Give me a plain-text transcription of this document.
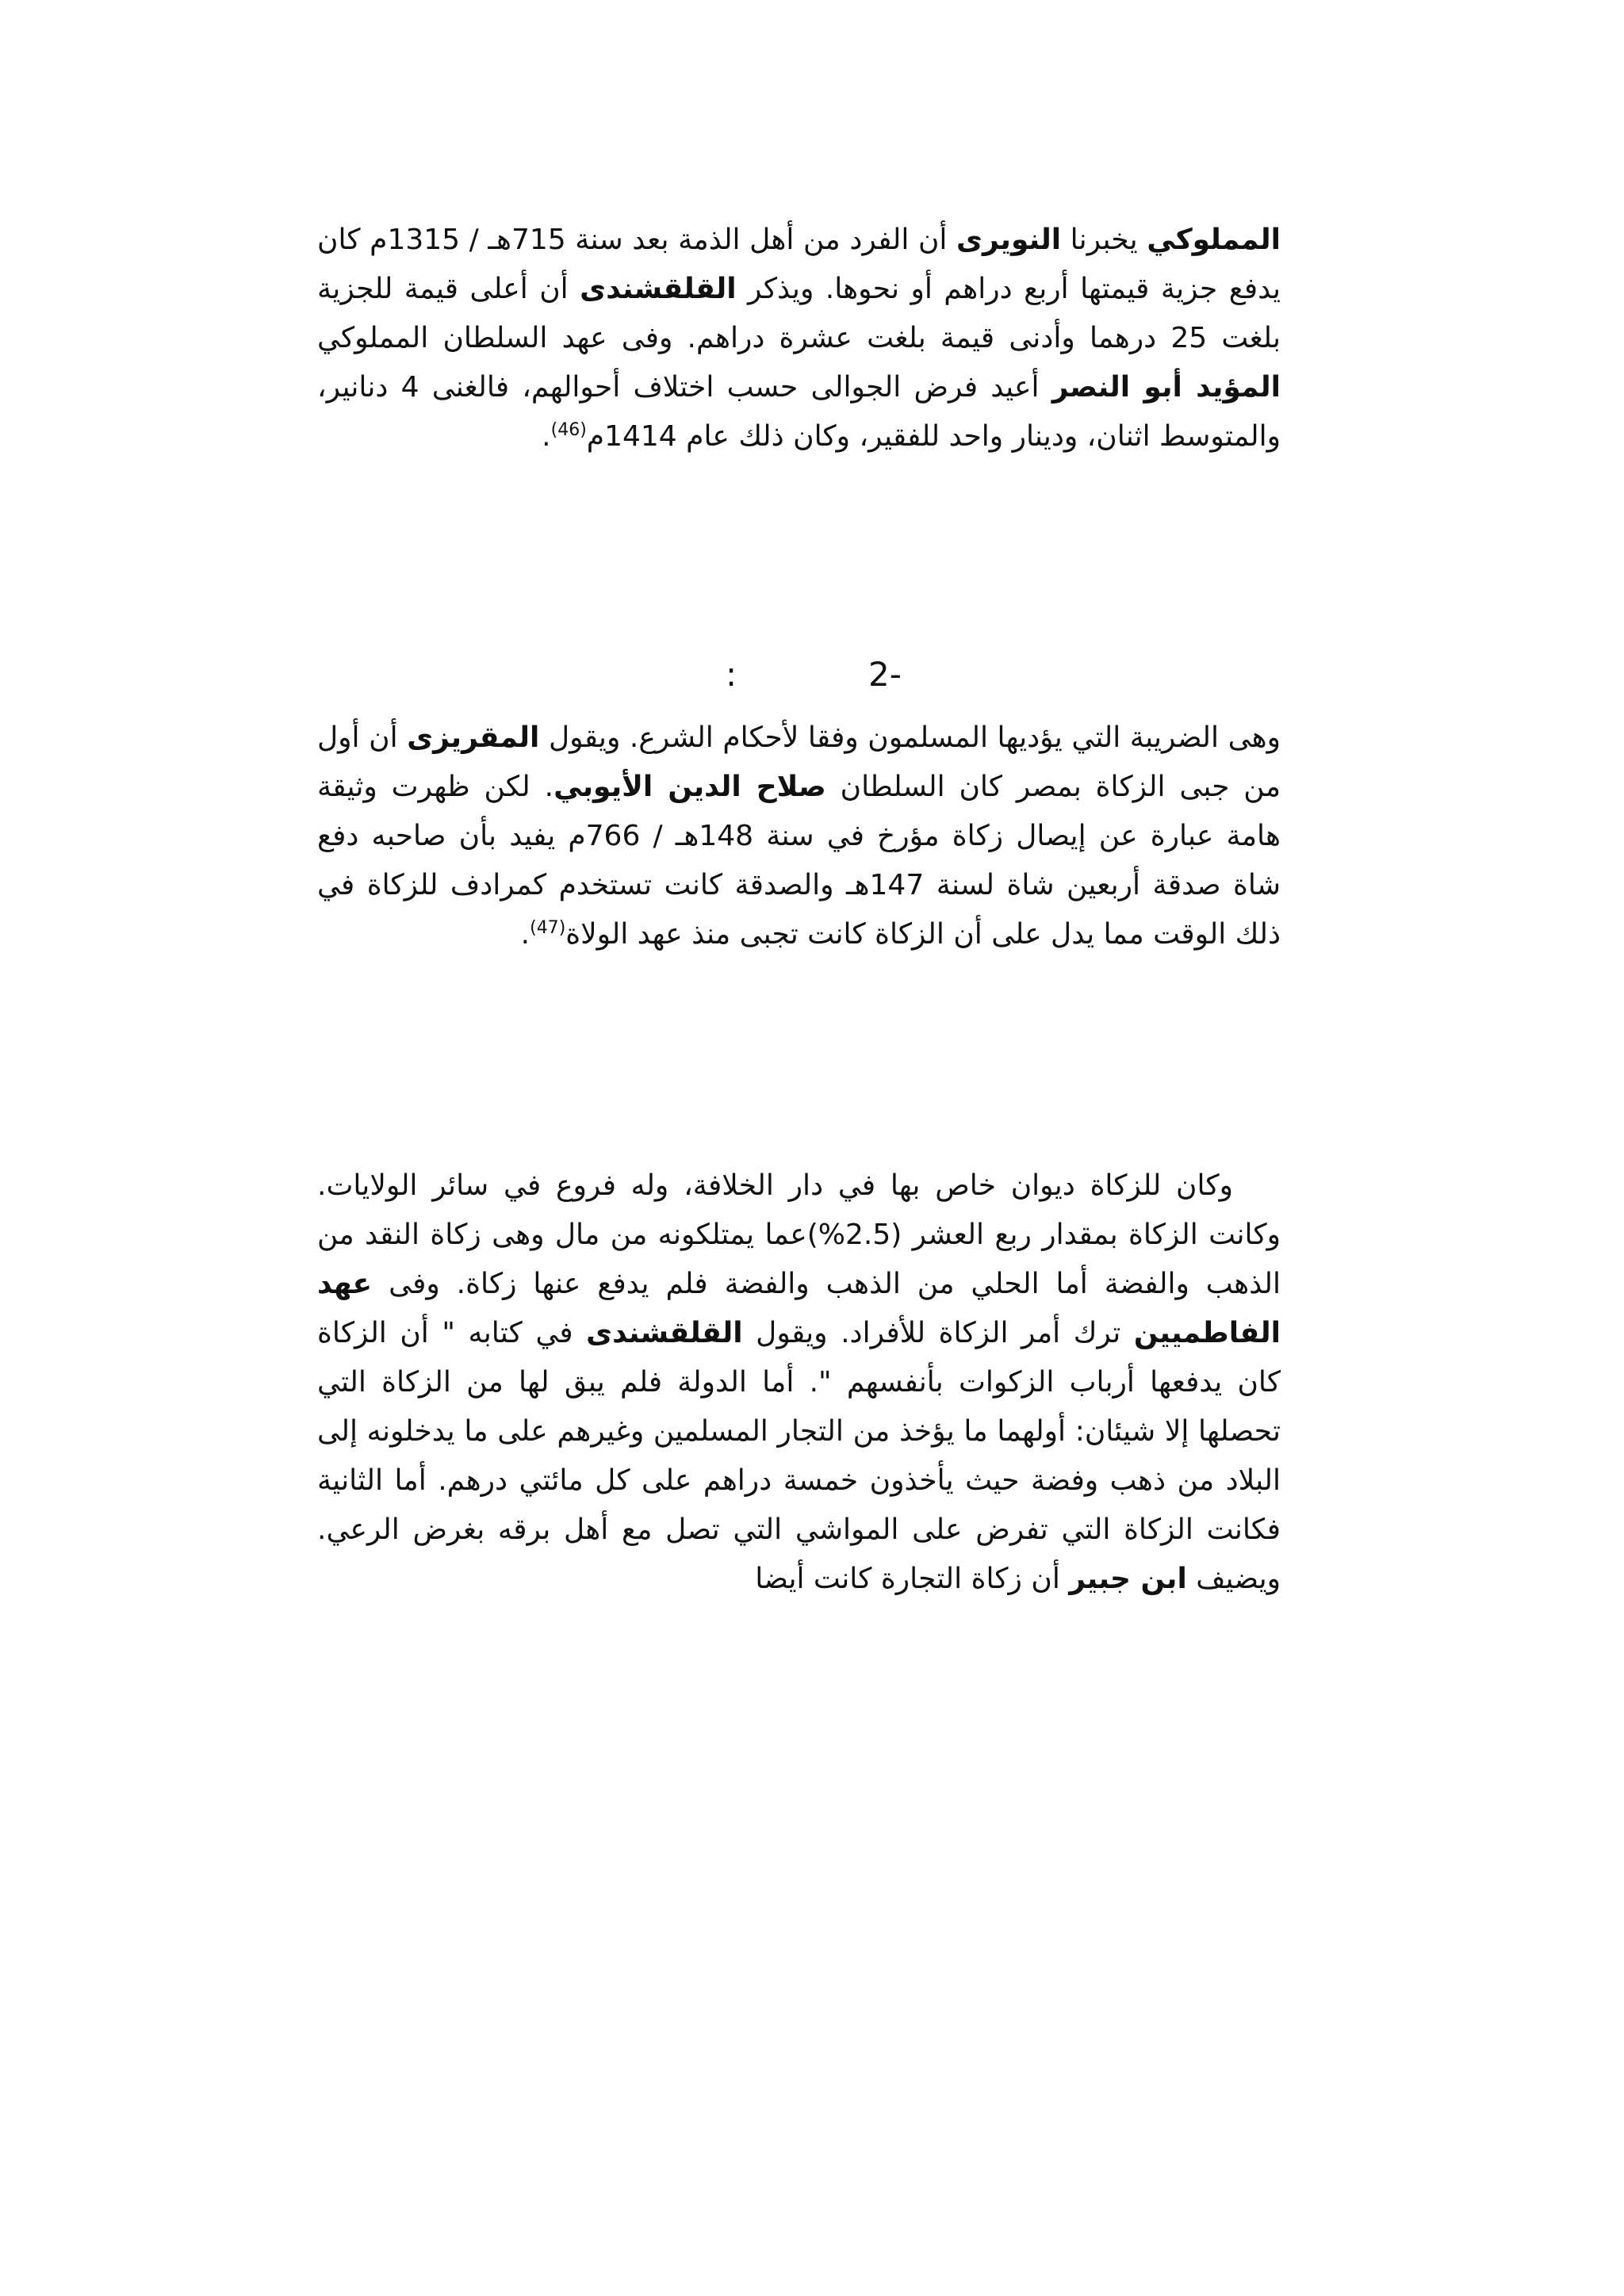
المملوكي يخبرنا النويرى أن الفرد من أهل الذمة بعد سنة 715هـ / 1315م كان يدفع جزية قيمتها أربع دراهم أو نحوها. ويذكر القلقشندى أن أعلى قيمة للجزية بلغت 25 درهما وأدنى قيمة بلغت عشرة دراهم. وفى عهد السلطان المملوكي المؤيد أبو النصر أعيد فرض الجوالى حسب اختلاف أحوالهم، فالغنى 4 دنانير، والمتوسط اثنان، ودينار واحد للفقير، وكان ذلك عام 1414م$^{(46)}$.

2-
:

وهى الضريبة التي يؤديها المسلمون وفقا لأحكام الشرع. ويقول المقريزى أن أول من جبى الزكاة بمصر كان السلطان صلاح الدين الأيوبي. لكن ظهرت وثيقة هامة عبارة عن إيصال زكاة مؤرخ في سنة 148هـ / 766م يفيد بأن صاحبه دفع شاة صدقة أربعين شاة لسنة 147هـ والصدقة كانت تستخدم كمرادف للزكاة في ذلك الوقت مما يدل على أن الزكاة كانت تجبى منذ عهد الولاة$^{(47)}$.

وكان للزكاة ديوان خاص بها في دار الخلافة، وله فروع في سائر الولايات. وكانت الزكاة بمقدار ربع العشر (2.5%)عما يمتلكونه من مال وهى زكاة النقد من الذهب والفضة أما الحلي من الذهب والفضة فلم يدفع عنها زكاة. وفى عهد الفاطميين ترك أمر الزكاة للأفراد. ويقول القلقشندى في كتابه " أن الزكاة كان يدفعها أرباب الزكوات بأنفسهم ". أما الدولة فلم يبق لها من الزكاة التي تحصلها إلا شيئان: أولهما ما يؤخذ من التجار المسلمين وغيرهم على ما يدخلونه إلى البلاد من ذهب وفضة حيث يأخذون خمسة دراهم على كل مائتي درهم. أما الثانية فكانت الزكاة التي تفرض على المواشي التي تصل مع أهل برقه بغرض الرعي. ويضيف ابن جبير أن زكاة التجارة كانت أيضا
